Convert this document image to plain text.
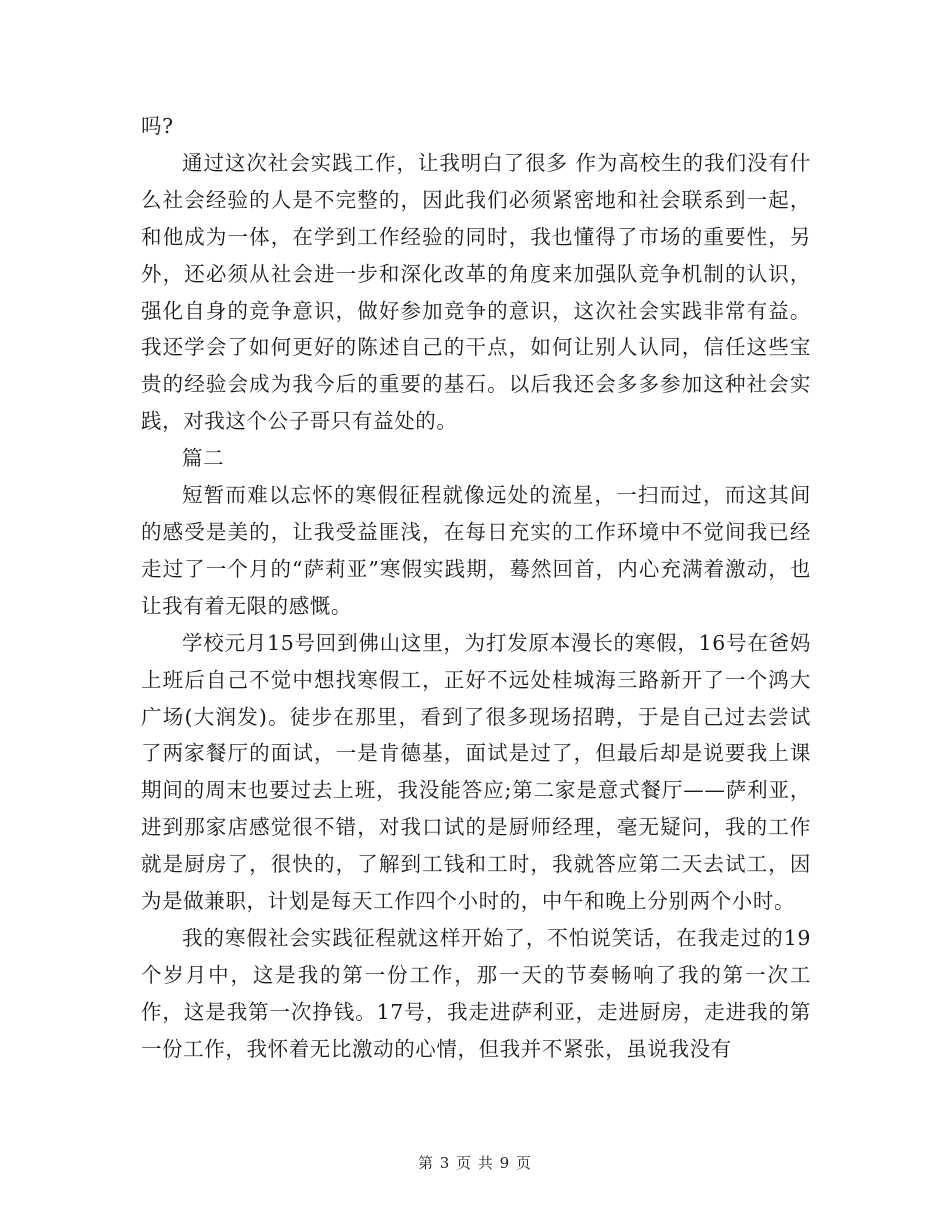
吗?

通过这次社会实践工作，让我明白了很多 作为高校生的我们没有什么社会经验的人是不完整的，因此我们必须紧密地和社会联系到一起，和他成为一体，在学到工作经验的同时，我也懂得了市场的重要性，另外，还必须从社会进一步和深化改革的角度来加强队竞争机制的认识，强化自身的竞争意识，做好参加竞争的意识，这次社会实践非常有益。我还学会了如何更好的陈述自己的干点，如何让别人认同，信任这些宝贵的经验会成为我今后的重要的基石。以后我还会多多参加这种社会实践，对我这个公子哥只有益处的。

篇二

短暂而难以忘怀的寒假征程就像远处的流星，一扫而过，而这其间的感受是美的，让我受益匪浅，在每日充实的工作环境中不觉间我已经走过了一个月的“萨莉亚”寒假实践期，蓦然回首，内心充满着激动，也让我有着无限的感慨。

学校元月15号回到佛山这里，为打发原本漫长的寒假，16号在爸妈上班后自己不觉中想找寒假工，正好不远处桂城海三路新开了一个鸿大广场(大润发)。徒步在那里，看到了很多现场招聘，于是自己过去尝试了两家餐厅的面试，一是肯德基，面试是过了，但最后却是说要我上课期间的周末也要过去上班，我没能答应;第二家是意式餐厅——萨利亚，进到那家店感觉很不错，对我口试的是厨师经理，毫无疑问，我的工作就是厨房了，很快的，了解到工钱和工时，我就答应第二天去试工，因为是做兼职，计划是每天工作四个小时的，中午和晚上分别两个小时。

我的寒假社会实践征程就这样开始了，不怕说笑话，在我走过的19个岁月中，这是我的第一份工作，那一天的节奏畅响了我的第一次工作，这是我第一次挣钱。17号，我走进萨利亚，走进厨房，走进我的第一份工作，我怀着无比激动的心情，但我并不紧张，虽说我没有

第 3 页 共 9 页
